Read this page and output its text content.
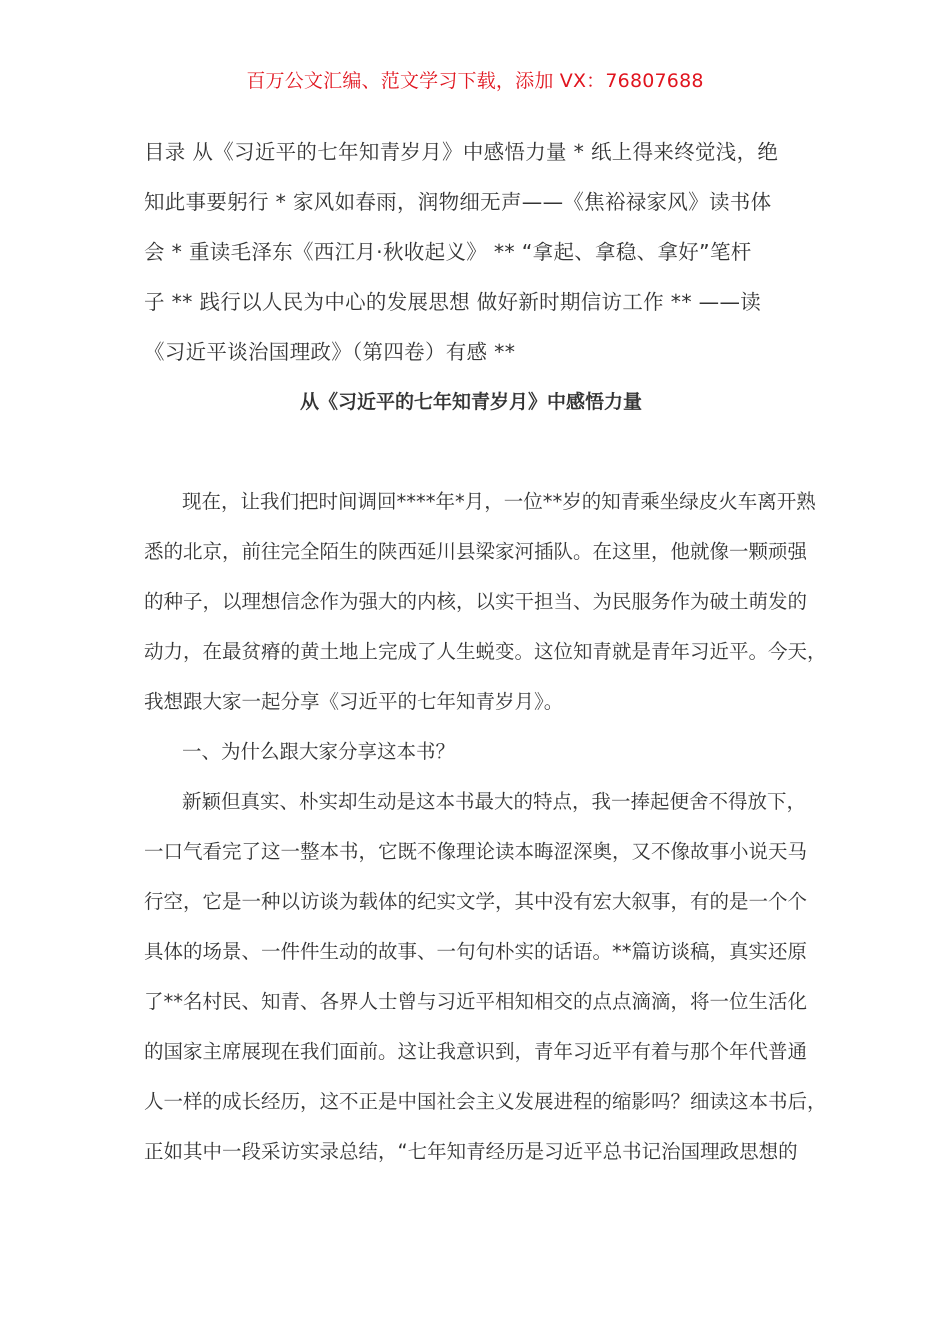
百万公文汇编、范文学习下载，添加 VX：76807688
目录 从《习近平的七年知青岁月》中感悟力量 * 纸上得来终觉浅，绝
知此事要躬行 * 家风如春雨，润物细无声——《焦裕禄家风》读书体
会 * 重读毛泽东《西江月·秋收起义》 ** “拿起、拿稳、拿好”笔杆
子 ** 践行以人民为中心的发展思想 做好新时期信访工作 ** ——读
《习近平谈治国理政》（第四卷）有感 **
从《习近平的七年知青岁月》中感悟力量
现在，让我们把时间调回****年*月，一位**岁的知青乘坐绿皮火车离开熟
悉的北京，前往完全陌生的陕西延川县梁家河插队。在这里，他就像一颗顽强
的种子，以理想信念作为强大的内核，以实干担当、为民服务作为破土萌发的
动力，在最贫瘠的黄土地上完成了人生蜕变。这位知青就是青年习近平。今天，
我想跟大家一起分享《习近平的七年知青岁月》。
一、为什么跟大家分享这本书？
新颖但真实、朴实却生动是这本书最大的特点，我一捧起便舍不得放下，
一口气看完了这一整本书，它既不像理论读本晦涩深奥，又不像故事小说天马
行空，它是一种以访谈为载体的纪实文学，其中没有宏大叙事，有的是一个个
具体的场景、一件件生动的故事、一句句朴实的话语。**篇访谈稿，真实还原
了**名村民、知青、各界人士曾与习近平相知相交的点点滴滴，将一位生活化
的国家主席展现在我们面前。这让我意识到，青年习近平有着与那个年代普通
人一样的成长经历，这不正是中国社会主义发展进程的缩影吗？细读这本书后，
正如其中一段采访实录总结，“七年知青经历是习近平总书记治国理政思想的
